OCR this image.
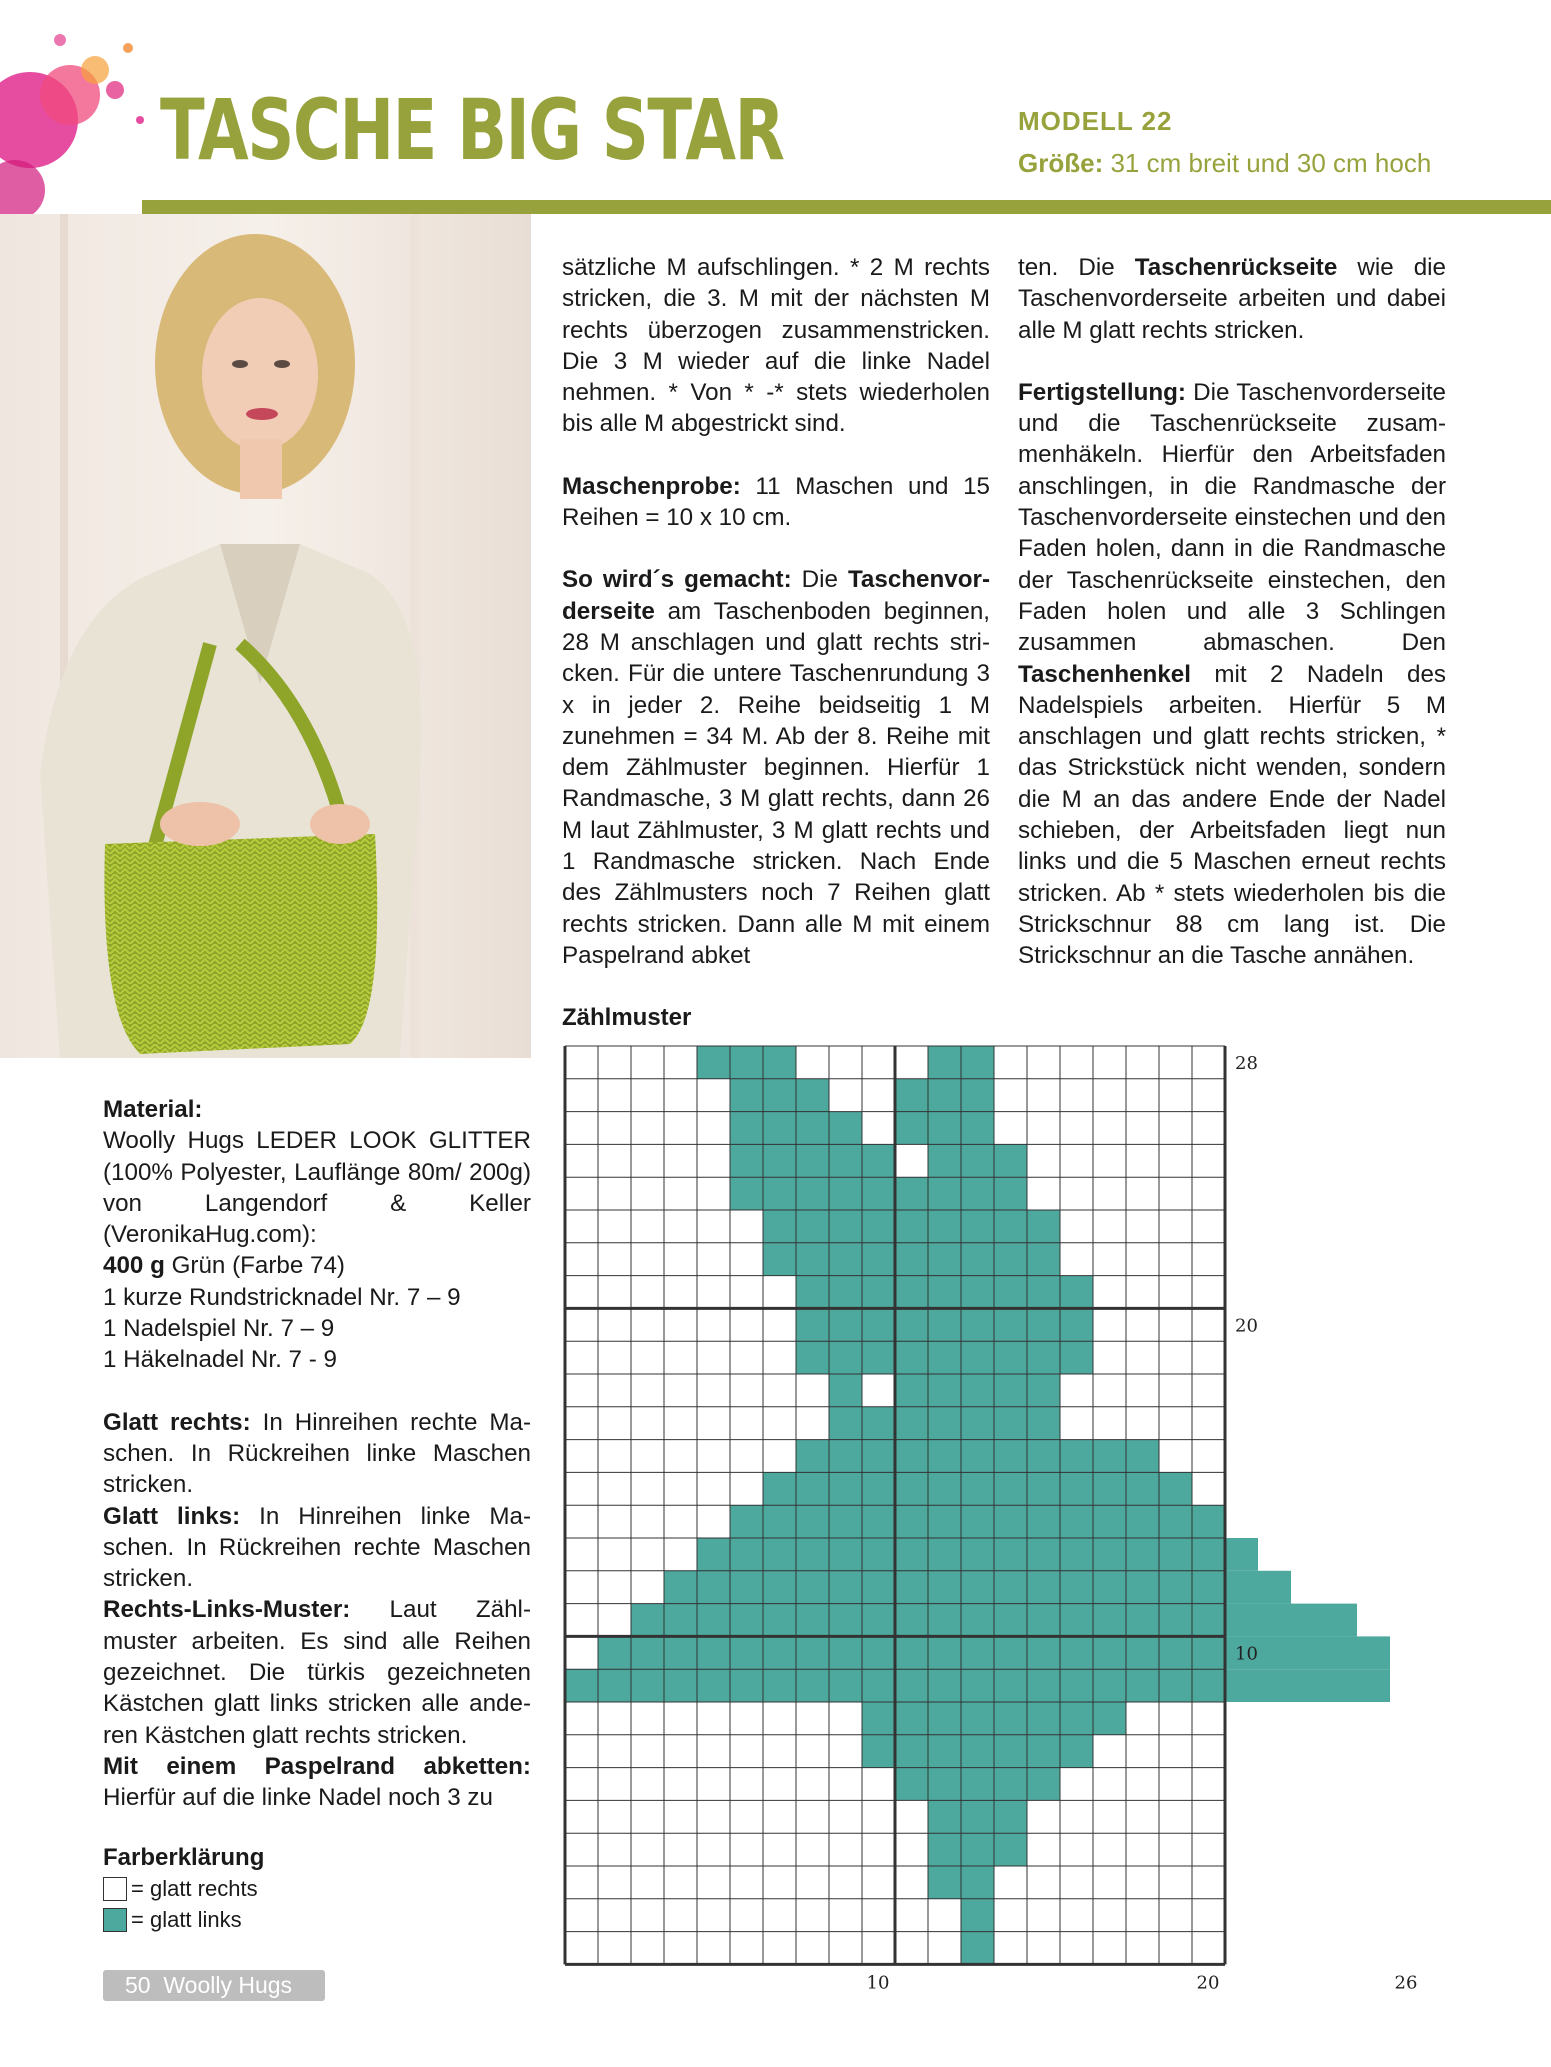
TASCHE BIG STAR	MODELL 22
Größe: 31 cm breit und 30 cm hoch

sätzliche M aufschlingen. * 2 M rechts stricken, die 3. M mit der nächsten M rechts überzogen zusammenstricken. Die 3 M wieder auf die linke Nadel nehmen. * Von * -* stets wiederholen bis alle M abgestrickt sind.

Maschenprobe: 11 Maschen und 15 Reihen = 10 x 10 cm.

So wird´s gemacht: Die Taschenvorderseite am Taschenboden beginnen, 28 M anschlagen und glatt rechts stricken. Für die untere Taschenrundung 3 x in jeder 2. Reihe beidseitig 1 M zunehmen = 34 M. Ab der 8. Reihe mit dem Zählmuster beginnen. Hierfür 1 Randmasche, 3 M glatt rechts, dann 26 M laut Zählmuster, 3 M glatt rechts und 1 Randmasche stricken. Nach Ende des Zählmusters noch 7 Reihen glatt rechts stricken. Dann alle M mit einem Paspelrand abket

ten. Die Taschenrückseite wie die Taschenvorderseite arbeiten und dabei alle M glatt rechts stricken.

Fertigstellung: Die Taschenvorderseite und die Taschenrückseite zusammenhäkeln. Hierfür den Arbeitsfaden anschlingen, in die Randmasche der Taschenvorderseite einstechen und den Faden holen, dann in die Randmasche der Taschenrückseite einstechen, den Faden holen und alle 3 Schlingen zusammen abmaschen. Den Taschenhenkel mit 2 Nadeln des Nadelspiels arbeiten. Hierfür 5 M anschlagen und glatt rechts stricken, * das Strickstück nicht wenden, sondern die M an das andere Ende der Nadel schieben, der Arbeitsfaden liegt nun links und die 5 Maschen erneut rechts stricken. Ab * stets wiederholen bis die Strickschnur 88 cm lang ist. Die Strickschnur an die Tasche annähen.

Material:

Woolly Hugs LEDER LOOK GLITTER (100% Polyester, Lauflänge 80m/ 200g) von Langendorf & Keller (VeronikaHug.com):

400 g Grün (Farbe 74)

1 kurze Rundstricknadel Nr. 7 – 9

1 Nadelspiel Nr. 7 – 9

1 Häkelnadel Nr. 7 - 9

Glatt rechts: In Hinreihen rechte Maschen. In Rückreihen linke Maschen stricken.

Glatt links: In Hinreihen linke Maschen. In Rückreihen rechte Maschen stricken.

Rechts-Links-Muster: Laut Zählmuster arbeiten. Es sind alle Reihen gezeichnet. Die türkis gezeichneten Kästchen glatt links stricken alle anderen Kästchen glatt rechts stricken.

Mit einem Paspelrand abketten: Hierfür auf die linke Nadel noch 3 zu

Farberklärung
= glatt rechts
= glatt links
50 Woolly Hugs
Zählmuster
28
20
10
10	20	26
